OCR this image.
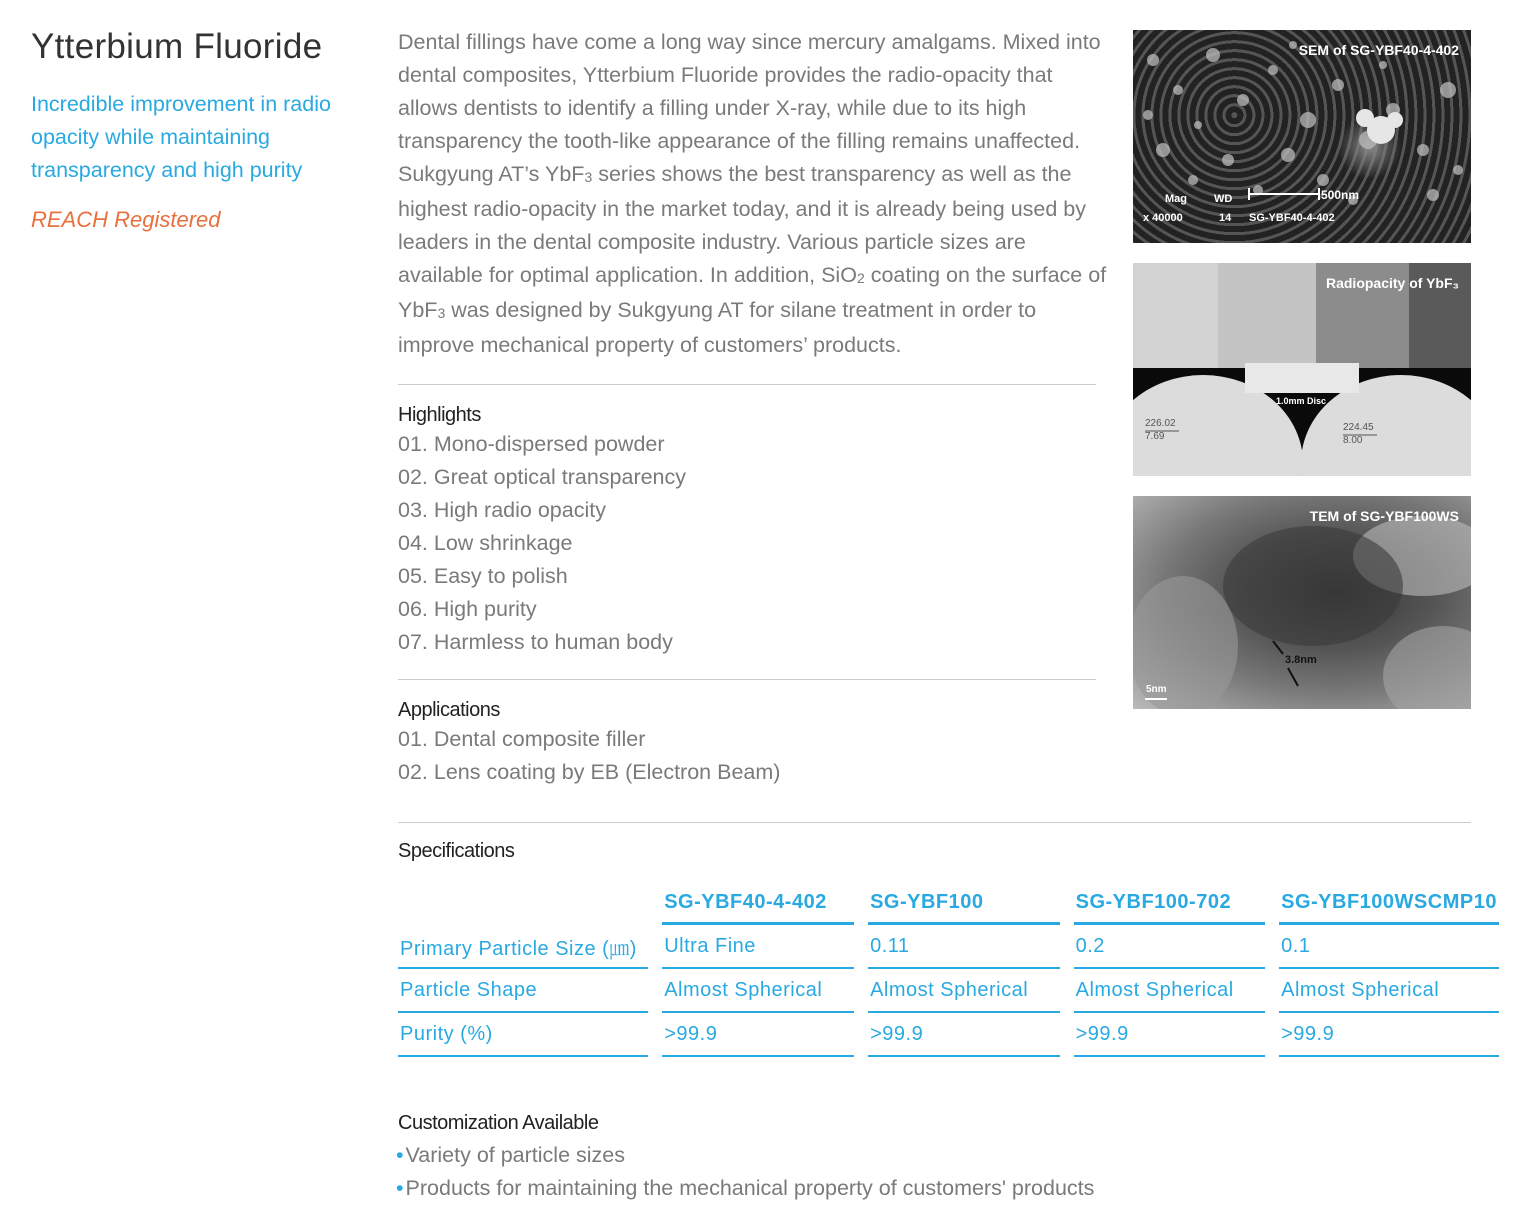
Ytterbium Fluoride
Incredible improvement in radio opacity while maintaining transparency and high purity
REACH Registered

Dental fillings have come a long way since mercury amalgams. Mixed into dental composites, Ytterbium Fluoride provides the radio-opacity that allows dentists to identify a filling under X-ray, while due to its high transparency the tooth-like appearance of the filling remains unaffected. Sukgyung AT’s YbF$_3$ series shows the best transparency as well as the highest radio-opacity in the market today, and it is already being used by leaders in the dental composite industry. Various particle sizes are available for optimal application. In addition, SiO$_2$ coating on the surface of YbF$_3$ was designed by Sukgyung AT for silane treatment in order to improve mechanical property of customers’ products.

Highlights
01. Mono-dispersed powder
02. Great optical transparency
03. High radio opacity
04. Low shrinkage
05. Easy to polish
06. High purity
07. Harmless to human body
Applications
01. Dental composite filler
02. Lens coating by EB (Electron Beam)
SEM of SG-YBF40-4-402
500nm
Mag WD
x 40000	14 SG-YBF40-4-402
Radiopacity of YbF₃
1.0mm Disc
226.02
7.69
224.45
8.00
TEM of SG-YBF100WS
3.8nm
5nm
Specifications
	SG-YBF40-4-402	SG-YBF100	SG-YBF100-702	SG-YBF100WSCMP10
Primary Particle Size (㎛)	Ultra Fine	0.11	0.2	0.1
Particle Shape	Almost Spherical	Almost Spherical	Almost Spherical	Almost Spherical
Purity (%)	>99.9	>99.9	>99.9	>99.9
Customization Available
•Variety of particle sizes
•Products for maintaining the mechanical property of customers' products
